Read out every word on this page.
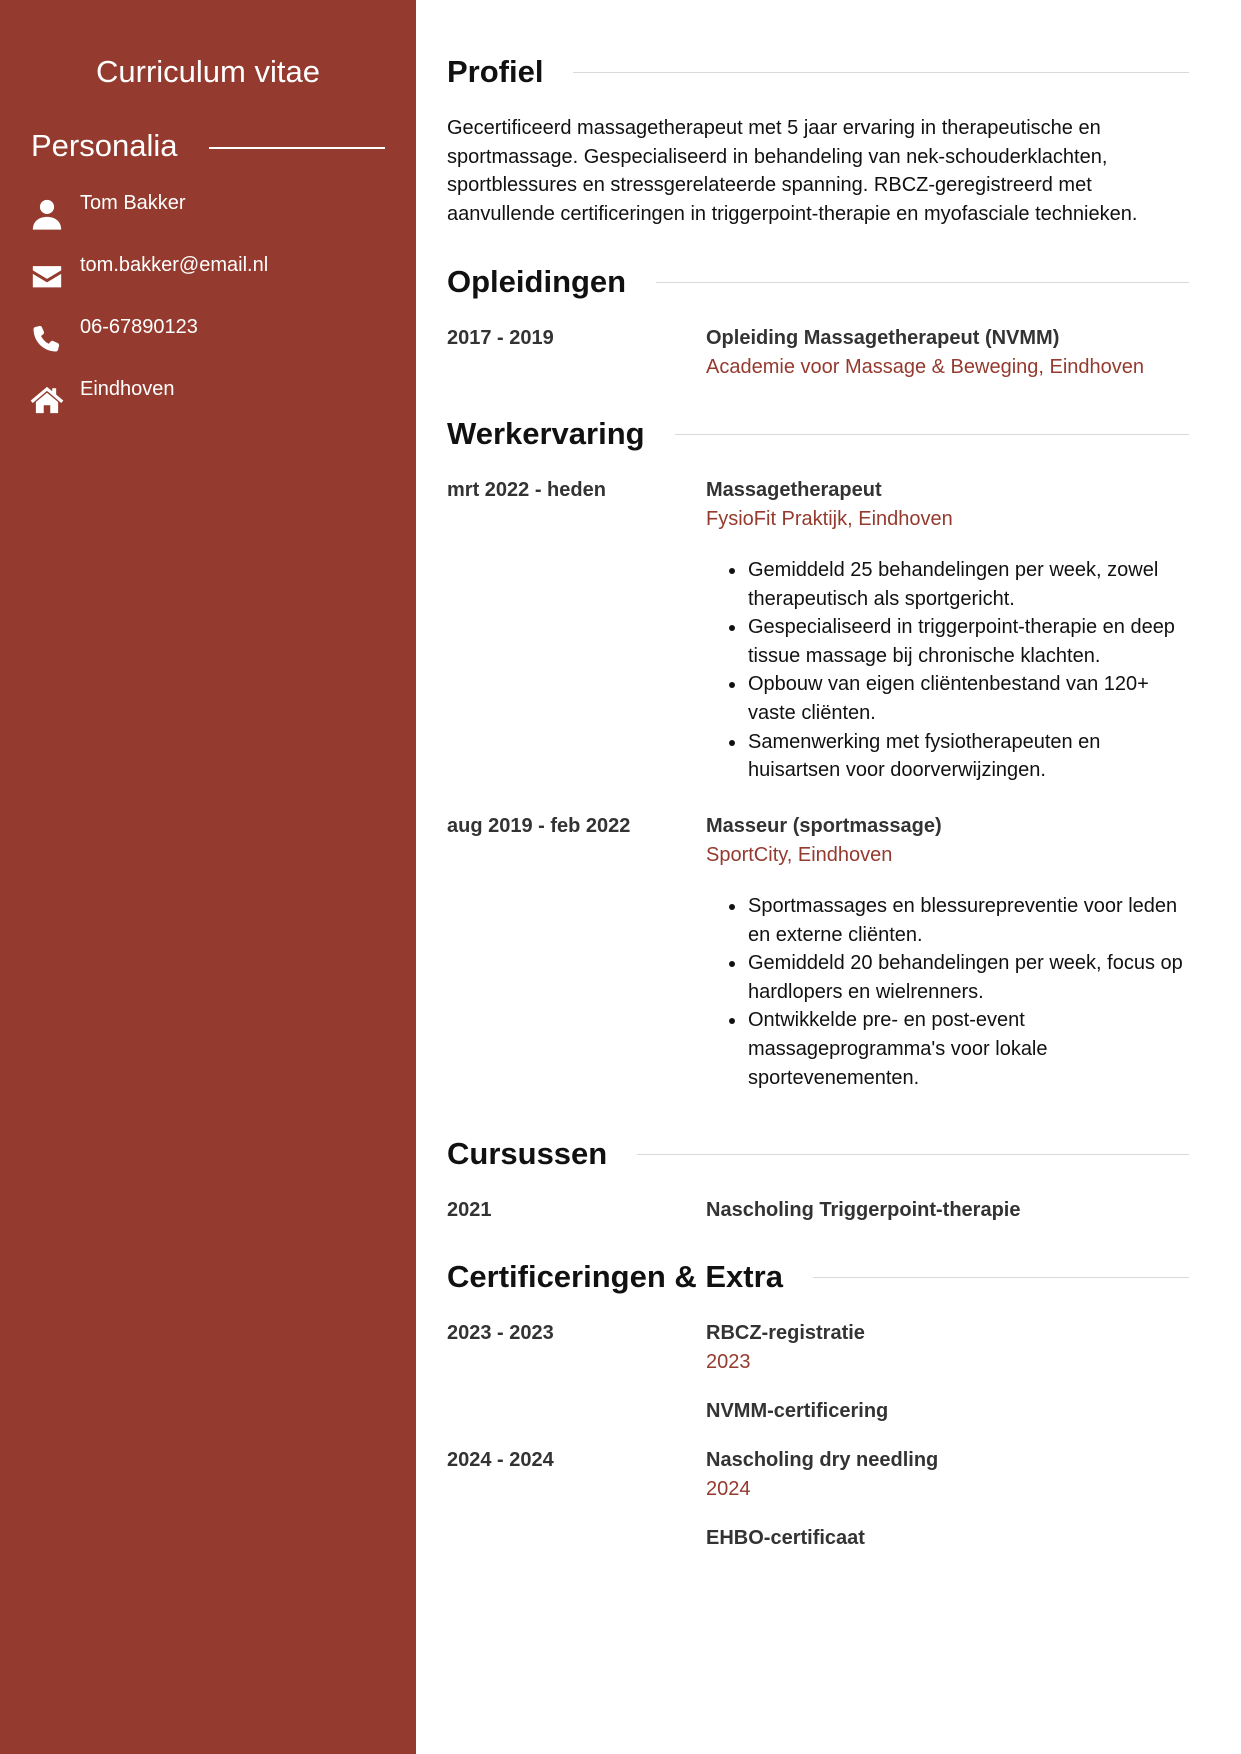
Curriculum vitae
Personalia
Tom Bakker
tom.bakker@email.nl
06-67890123
Eindhoven
Profiel

Gecertificeerd massagetherapeut met 5 jaar ervaring in therapeutische en sportmassage. Gespecialiseerd in behandeling van nek-schouderklachten, sportblessures en stressgerelateerde spanning. RBCZ-geregistreerd met aanvullende certificeringen in triggerpoint-therapie en myofasciale technieken.

Opleidingen
2017 - 2019	Opleiding Massagetherapeut (NVMM)
Academie voor Massage & Beweging, Eindhoven
Werkervaring
mrt 2022 - heden	Massagetherapeut
FysioFit Praktijk, Eindhoven
• Gemiddeld 25 behandelingen per week, zowel therapeutisch als sportgericht.
• Gespecialiseerd in triggerpoint-therapie en deep tissue massage bij chronische klachten.
• Opbouw van eigen cliëntenbestand van 120+ vaste cliënten.
• Samenwerking met fysiotherapeuten en huisartsen voor doorverwijzingen.
aug 2019 - feb 2022	Masseur (sportmassage)
SportCity, Eindhoven
• Sportmassages en blessurepreventie voor leden en externe cliënten.
• Gemiddeld 20 behandelingen per week, focus op hardlopers en wielrenners.
• Ontwikkelde pre- en post-event massageprogramma's voor lokale sportevenementen.
Cursussen
2021	Nascholing Triggerpoint-therapie
Certificeringen & Extra
2023 - 2023	RBCZ-registratie
2023
NVMM-certificering
2024 - 2024	Nascholing dry needling
2024
EHBO-certificaat
